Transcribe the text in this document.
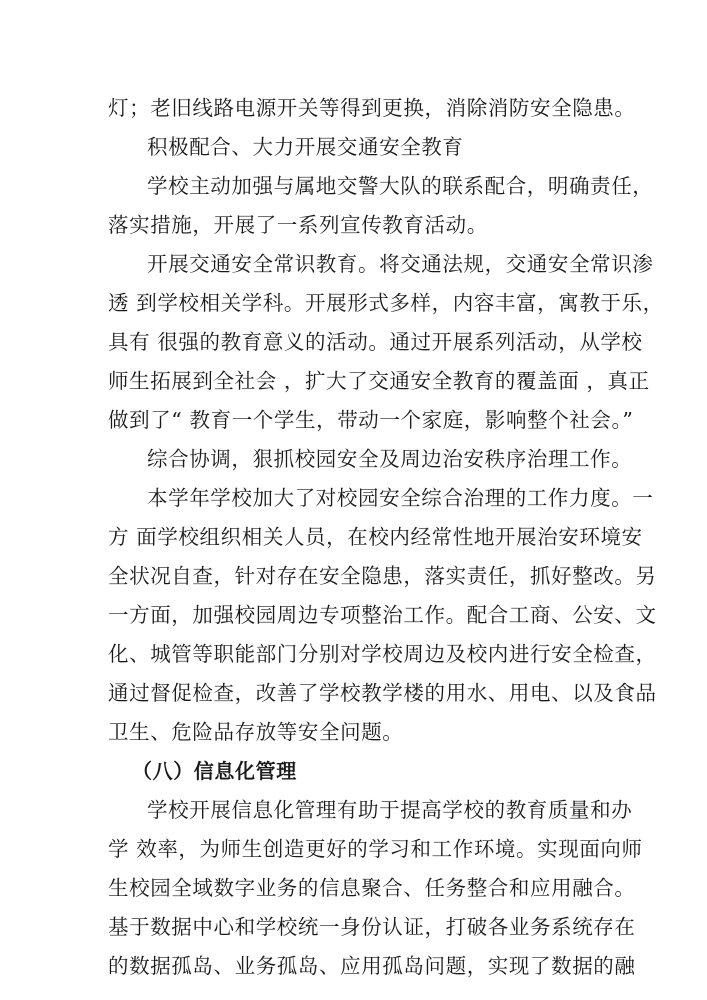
灯；老旧线路电源开关等得到更换，消除消防安全隐患。
积极配合、大力开展交通安全教育
学校主动加强与属地交警大队的联系配合，明确责任，
落实措施，开展了一系列宣传教育活动。
开展交通安全常识教育。将交通法规，交通安全常识渗
透 到学校相关学科。开展形式多样，内容丰富，寓教于乐，
具有 很强的教育意义的活动。通过开展系列活动，从学校
师生拓展到全社会 ，扩大了交通安全教育的覆盖面 ，真正
做到了“ 教育一个学生，带动一个家庭，影响整个社会。”
综合协调，狠抓校园安全及周边治安秩序治理工作。
本学年学校加大了对校园安全综合治理的工作力度。一
方 面学校组织相关人员，在校内经常性地开展治安环境安
全状况自查，针对存在安全隐患，落实责任，抓好整改。另
一方面，加强校园周边专项整治工作。配合工商、公安、文
化、城管等职能部门分别对学校周边及校内进行安全检查，
通过督促检查，改善了学校教学楼的用水、用电、以及食品
卫生、危险品存放等安全问题。
（八）信息化管理
学校开展信息化管理有助于提高学校的教育质量和办
学 效率，为师生创造更好的学习和工作环境。实现面向师
生校园全域数字业务的信息聚合、任务整合和应用融合。
基于数据中心和学校统一身份认证，打破各业务系统存在
的数据孤岛、业务孤岛、应用孤岛问题，实现了数据的融
